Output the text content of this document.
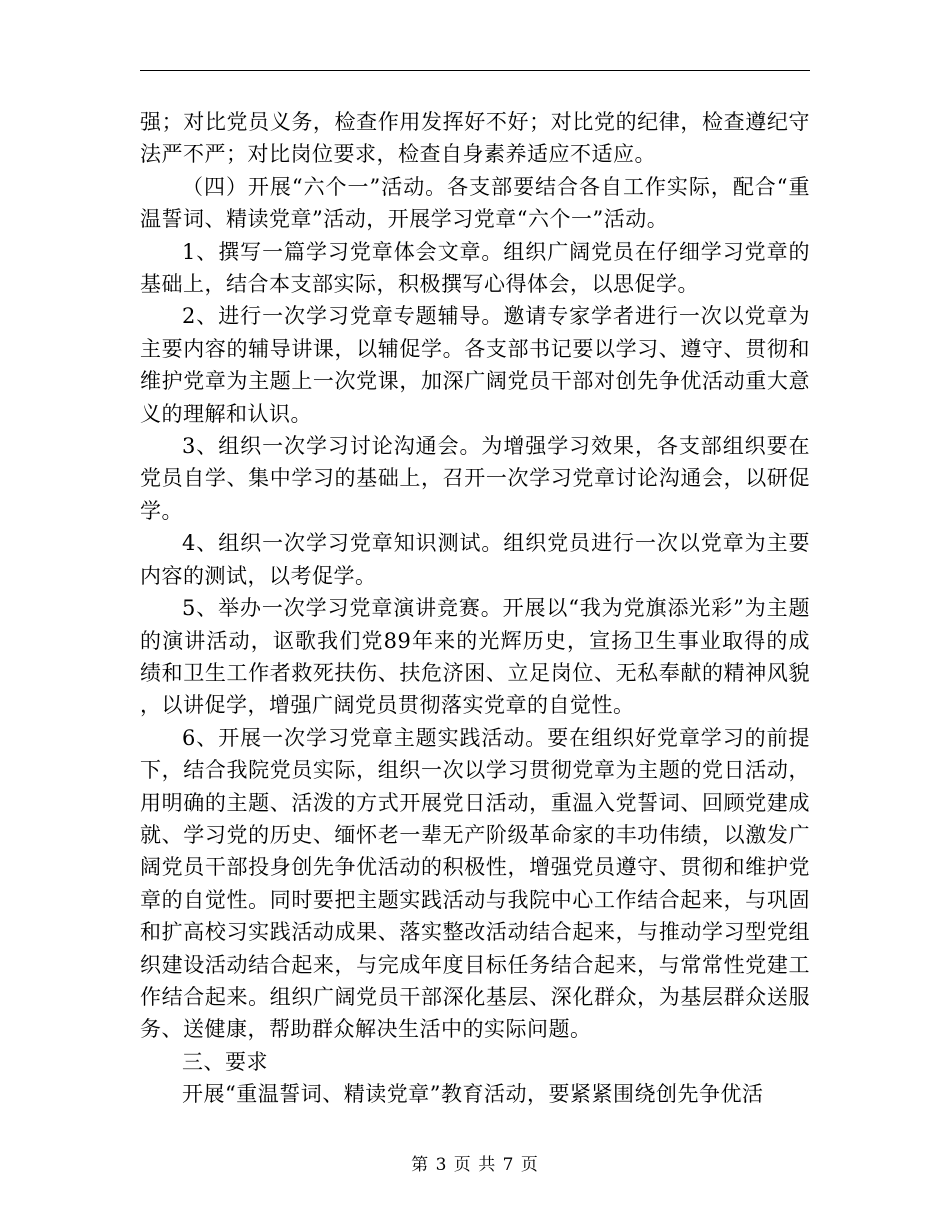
强；对比党员义务，检查作用发挥好不好；对比党的纪律，检查遵纪守法严不严；对比岗位要求，检查自身素养适应不适应。

（四）开展“六个一”活动。各支部要结合各自工作实际，配合“重温誓词、精读党章”活动，开展学习党章“六个一”活动。

1、撰写一篇学习党章体会文章。组织广阔党员在仔细学习党章的基础上，结合本支部实际，积极撰写心得体会，以思促学。

2、进行一次学习党章专题辅导。邀请专家学者进行一次以党章为主要内容的辅导讲课，以辅促学。各支部书记要以学习、遵守、贯彻和维护党章为主题上一次党课，加深广阔党员干部对创先争优活动重大意义的理解和认识。

3、组织一次学习讨论沟通会。为增强学习效果，各支部组织要在党员自学、集中学习的基础上，召开一次学习党章讨论沟通会，以研促学。

4、组织一次学习党章知识测试。组织党员进行一次以党章为主要内容的测试，以考促学。

5、举办一次学习党章演讲竞赛。开展以“我为党旗添光彩”为主题的演讲活动，讴歌我们党89年来的光辉历史，宣扬卫生事业取得的成绩和卫生工作者救死扶伤、扶危济困、立足岗位、无私奉献的精神风貌，以讲促学，增强广阔党员贯彻落实党章的自觉性。

6、开展一次学习党章主题实践活动。要在组织好党章学习的前提下，结合我院党员实际，组织一次以学习贯彻党章为主题的党日活动，用明确的主题、活泼的方式开展党日活动，重温入党誓词、回顾党建成就、学习党的历史、缅怀老一辈无产阶级革命家的丰功伟绩，以激发广阔党员干部投身创先争优活动的积极性，增强党员遵守、贯彻和维护党章的自觉性。同时要把主题实践活动与我院中心工作结合起来，与巩固和扩高校习实践活动成果、落实整改活动结合起来，与推动学习型党组织建设活动结合起来，与完成年度目标任务结合起来，与常常性党建工作结合起来。组织广阔党员干部深化基层、深化群众，为基层群众送服务、送健康，帮助群众解决生活中的实际问题。

三、要求

开展“重温誓词、精读党章”教育活动，要紧紧围绕创先争优活

第 3 页 共 7 页
